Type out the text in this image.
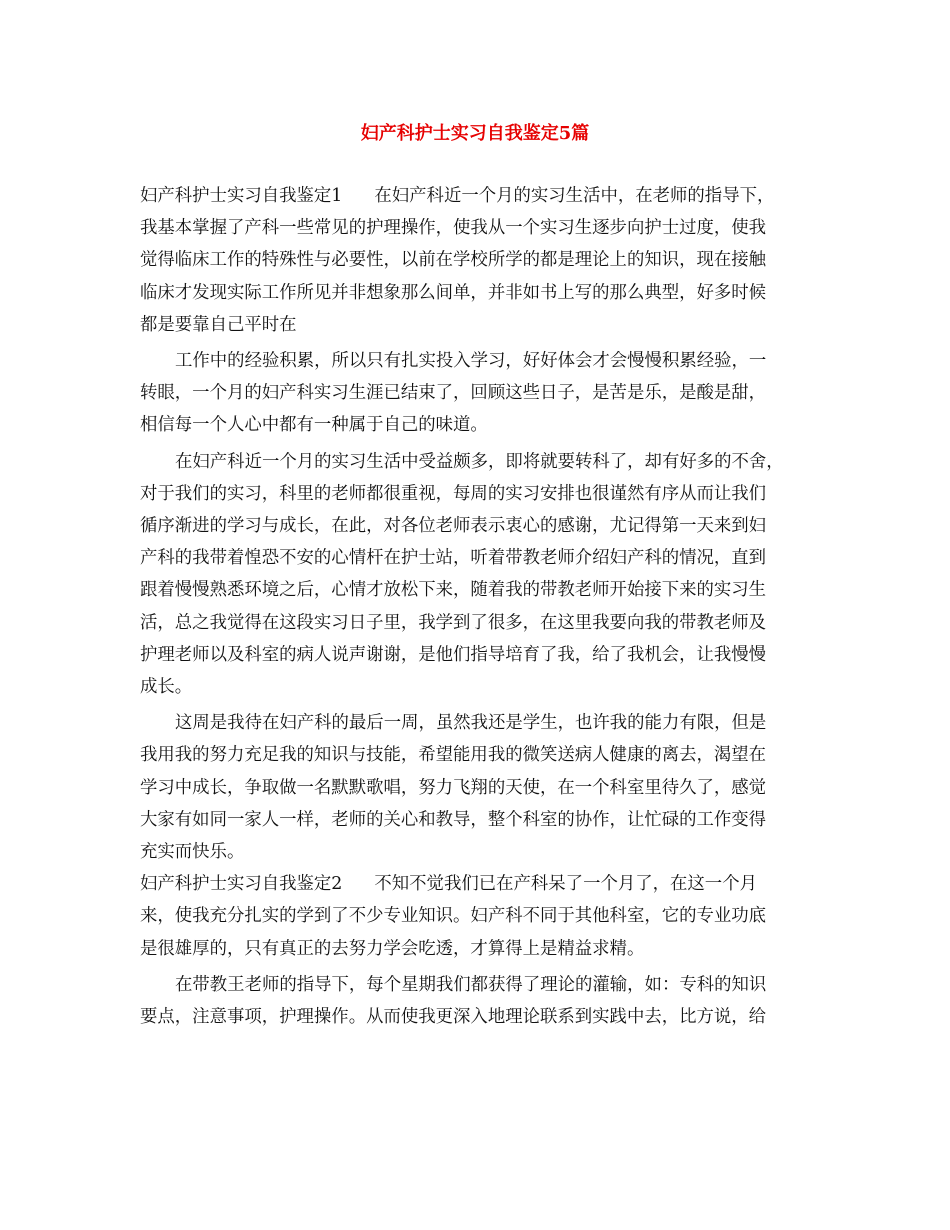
妇产科护士实习自我鉴定5篇

妇产科护士实习自我鉴定1 在妇产科近一个月的实习生活中，在老师的指导下，
我基本掌握了产科一些常见的护理操作，使我从一个实习生逐步向护士过度，使我
觉得临床工作的特殊性与必要性，以前在学校所学的都是理论上的知识，现在接触
临床才发现实际工作所见并非想象那么间单，并非如书上写的那么典型，好多时候
都是要靠自己平时在

工作中的经验积累，所以只有扎实投入学习，好好体会才会慢慢积累经验，一
转眼，一个月的妇产科实习生涯已结束了，回顾这些日子，是苦是乐，是酸是甜，
相信每一个人心中都有一种属于自己的味道。

在妇产科近一个月的实习生活中受益颇多，即将就要转科了，却有好多的不舍，
对于我们的实习，科里的老师都很重视，每周的实习安排也很谨然有序从而让我们
循序渐进的学习与成长，在此，对各位老师表示衷心的感谢，尤记得第一天来到妇
产科的我带着惶恐不安的心情杆在护士站，听着带教老师介绍妇产科的情况，直到
跟着慢慢熟悉环境之后，心情才放松下来，随着我的带教老师开始接下来的实习生
活，总之我觉得在这段实习日子里，我学到了很多，在这里我要向我的带教老师及
护理老师以及科室的病人说声谢谢，是他们指导培育了我，给了我机会，让我慢慢
成长。

这周是我待在妇产科的最后一周，虽然我还是学生，也许我的能力有限，但是
我用我的努力充足我的知识与技能，希望能用我的微笑送病人健康的离去，渴望在
学习中成长，争取做一名默默歌唱，努力飞翔的天使，在一个科室里待久了，感觉
大家有如同一家人一样，老师的关心和教导，整个科室的协作，让忙碌的工作变得
充实而快乐。

妇产科护士实习自我鉴定2 不知不觉我们已在产科呆了一个月了，在这一个月
来，使我充分扎实的学到了不少专业知识。妇产科不同于其他科室，它的专业功底
是很雄厚的，只有真正的去努力学会吃透，才算得上是精益求精。

在带教王老师的指导下，每个星期我们都获得了理论的灌输，如：专科的知识
要点，注意事项，护理操作。从而使我更深入地理论联系到实践中去，比方说，给
